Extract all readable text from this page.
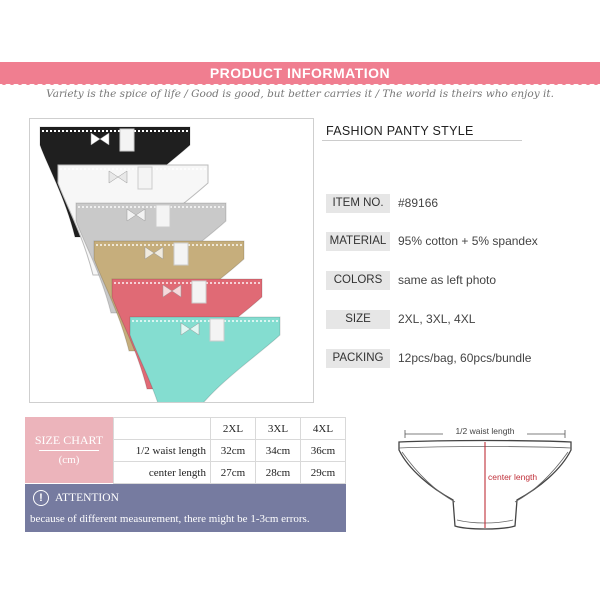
PRODUCT INFORMATION
Variety is the spice of life / Good is good, but better carries it / The world is theirs who enjoy it.
FASHION PANTY STYLE
ITEM NO.	#89166
MATERIAL 95% cotton + 5% spandex
COLORS	same as left photo
SIZE	2XL, 3XL, 4XL
PACKING	12pcs/bag, 60pcs/bundle
SIZE CHART
(cm)
	2XL	3XL	4XL
1/2 waist length	32cm	34cm	36cm
center length	27cm	28cm	29cm
!	ATTENTION
because of different measurement, there might be 1-3cm errors.
1/2 waist length
center length
